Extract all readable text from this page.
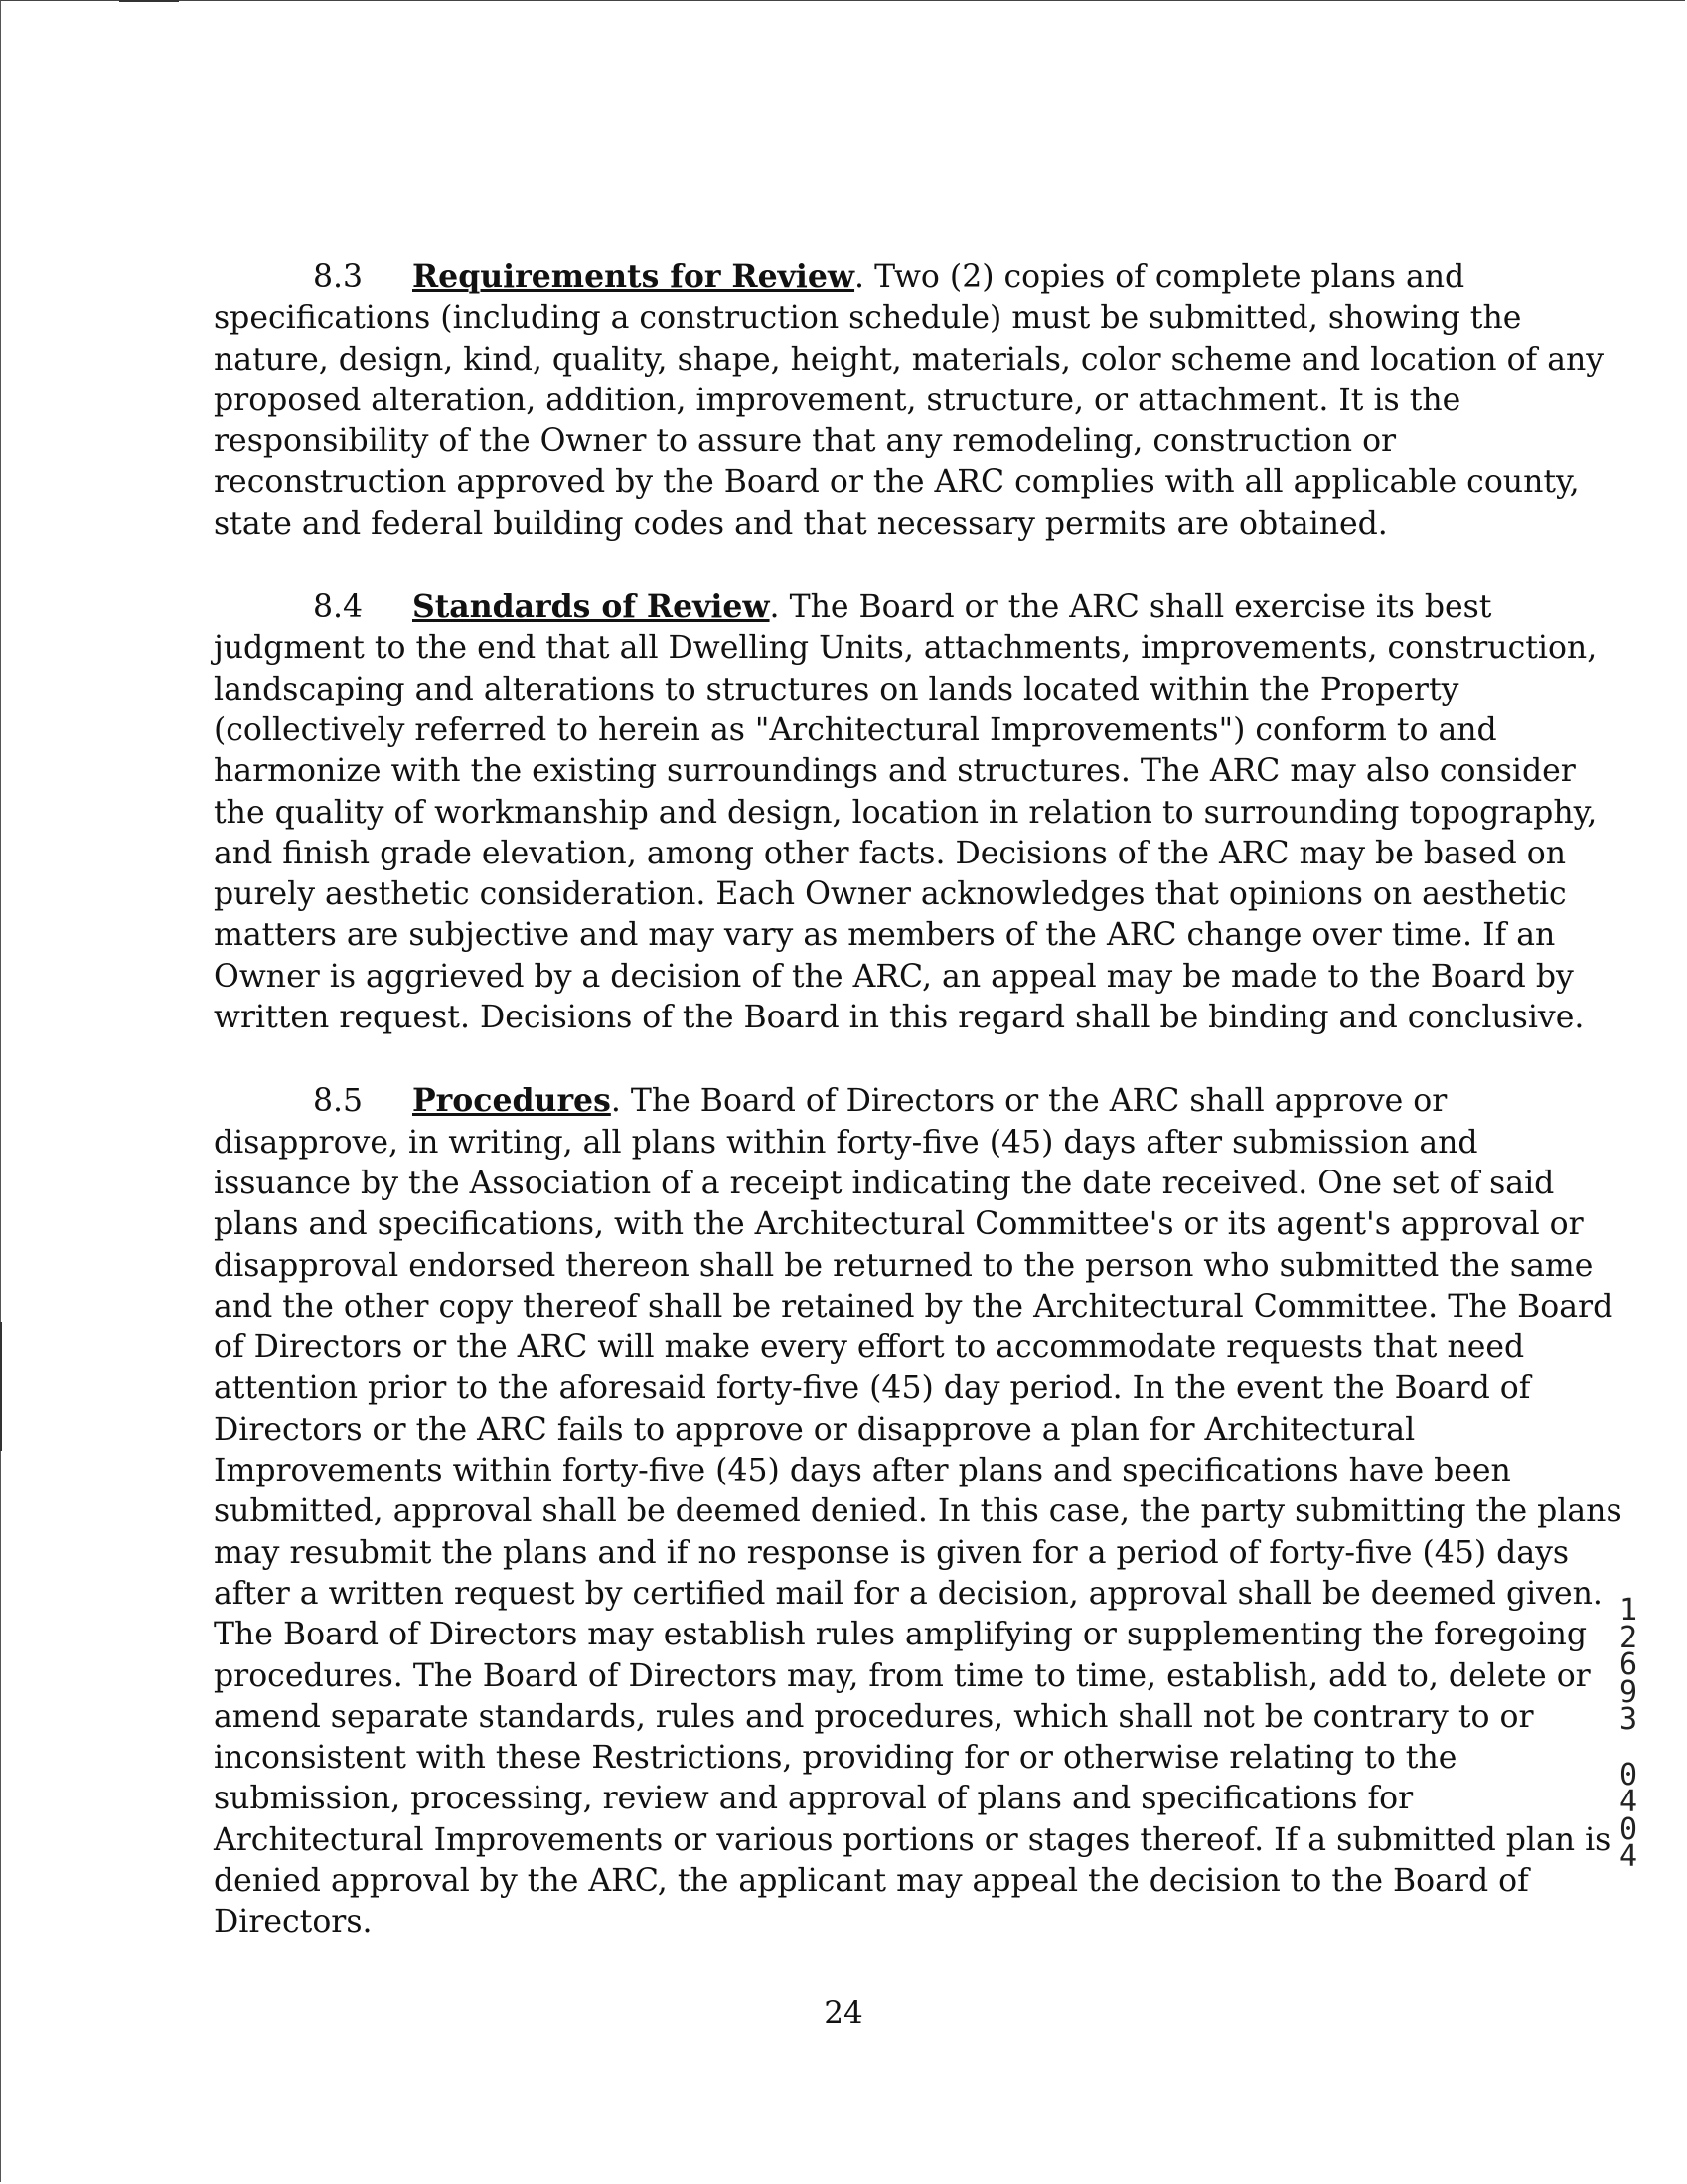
8.3 Requirements for Review. Two (2) copies of complete plans and
specifications (including a construction schedule) must be submitted, showing the
nature, design, kind, quality, shape, height, materials, color scheme and location of any
proposed alteration, addition, improvement, structure, or attachment. It is the
responsibility of the Owner to assure that any remodeling, construction or
reconstruction approved by the Board or the ARC complies with all applicable county,
state and federal building codes and that necessary permits are obtained.

8.4 Standards of Review. The Board or the ARC shall exercise its best
judgment to the end that all Dwelling Units, attachments, improvements, construction,
landscaping and alterations to structures on lands located within the Property
(collectively referred to herein as "Architectural Improvements") conform to and
harmonize with the existing surroundings and structures. The ARC may also consider
the quality of workmanship and design, location in relation to surrounding topography,
and finish grade elevation, among other facts. Decisions of the ARC may be based on
purely aesthetic consideration. Each Owner acknowledges that opinions on aesthetic
matters are subjective and may vary as members of the ARC change over time. If an
Owner is aggrieved by a decision of the ARC, an appeal may be made to the Board by
written request. Decisions of the Board in this regard shall be binding and conclusive.

8.5 Procedures. The Board of Directors or the ARC shall approve or
disapprove, in writing, all plans within forty-five (45) days after submission and
issuance by the Association of a receipt indicating the date received. One set of said
plans and specifications, with the Architectural Committee's or its agent's approval or
disapproval endorsed thereon shall be returned to the person who submitted the same
and the other copy thereof shall be retained by the Architectural Committee. The Board
of Directors or the ARC will make every effort to accommodate requests that need
attention prior to the aforesaid forty-five (45) day period. In the event the Board of
Directors or the ARC fails to approve or disapprove a plan for Architectural
Improvements within forty-five (45) days after plans and specifications have been
submitted, approval shall be deemed denied. In this case, the party submitting the plans
may resubmit the plans and if no response is given for a period of forty-five (45) days
after a written request by certified mail for a decision, approval shall be deemed given.
The Board of Directors may establish rules amplifying or supplementing the foregoing
procedures. The Board of Directors may, from time to time, establish, add to, delete or
amend separate standards, rules and procedures, which shall not be contrary to or
inconsistent with these Restrictions, providing for or otherwise relating to the
submission, processing, review and approval of plans and specifications for
Architectural Improvements or various portions or stages thereof. If a submitted plan is
denied approval by the ARC, the applicant may appeal the decision to the Board of
Directors.

24
1
2
6
9
3
0
4
0
4
